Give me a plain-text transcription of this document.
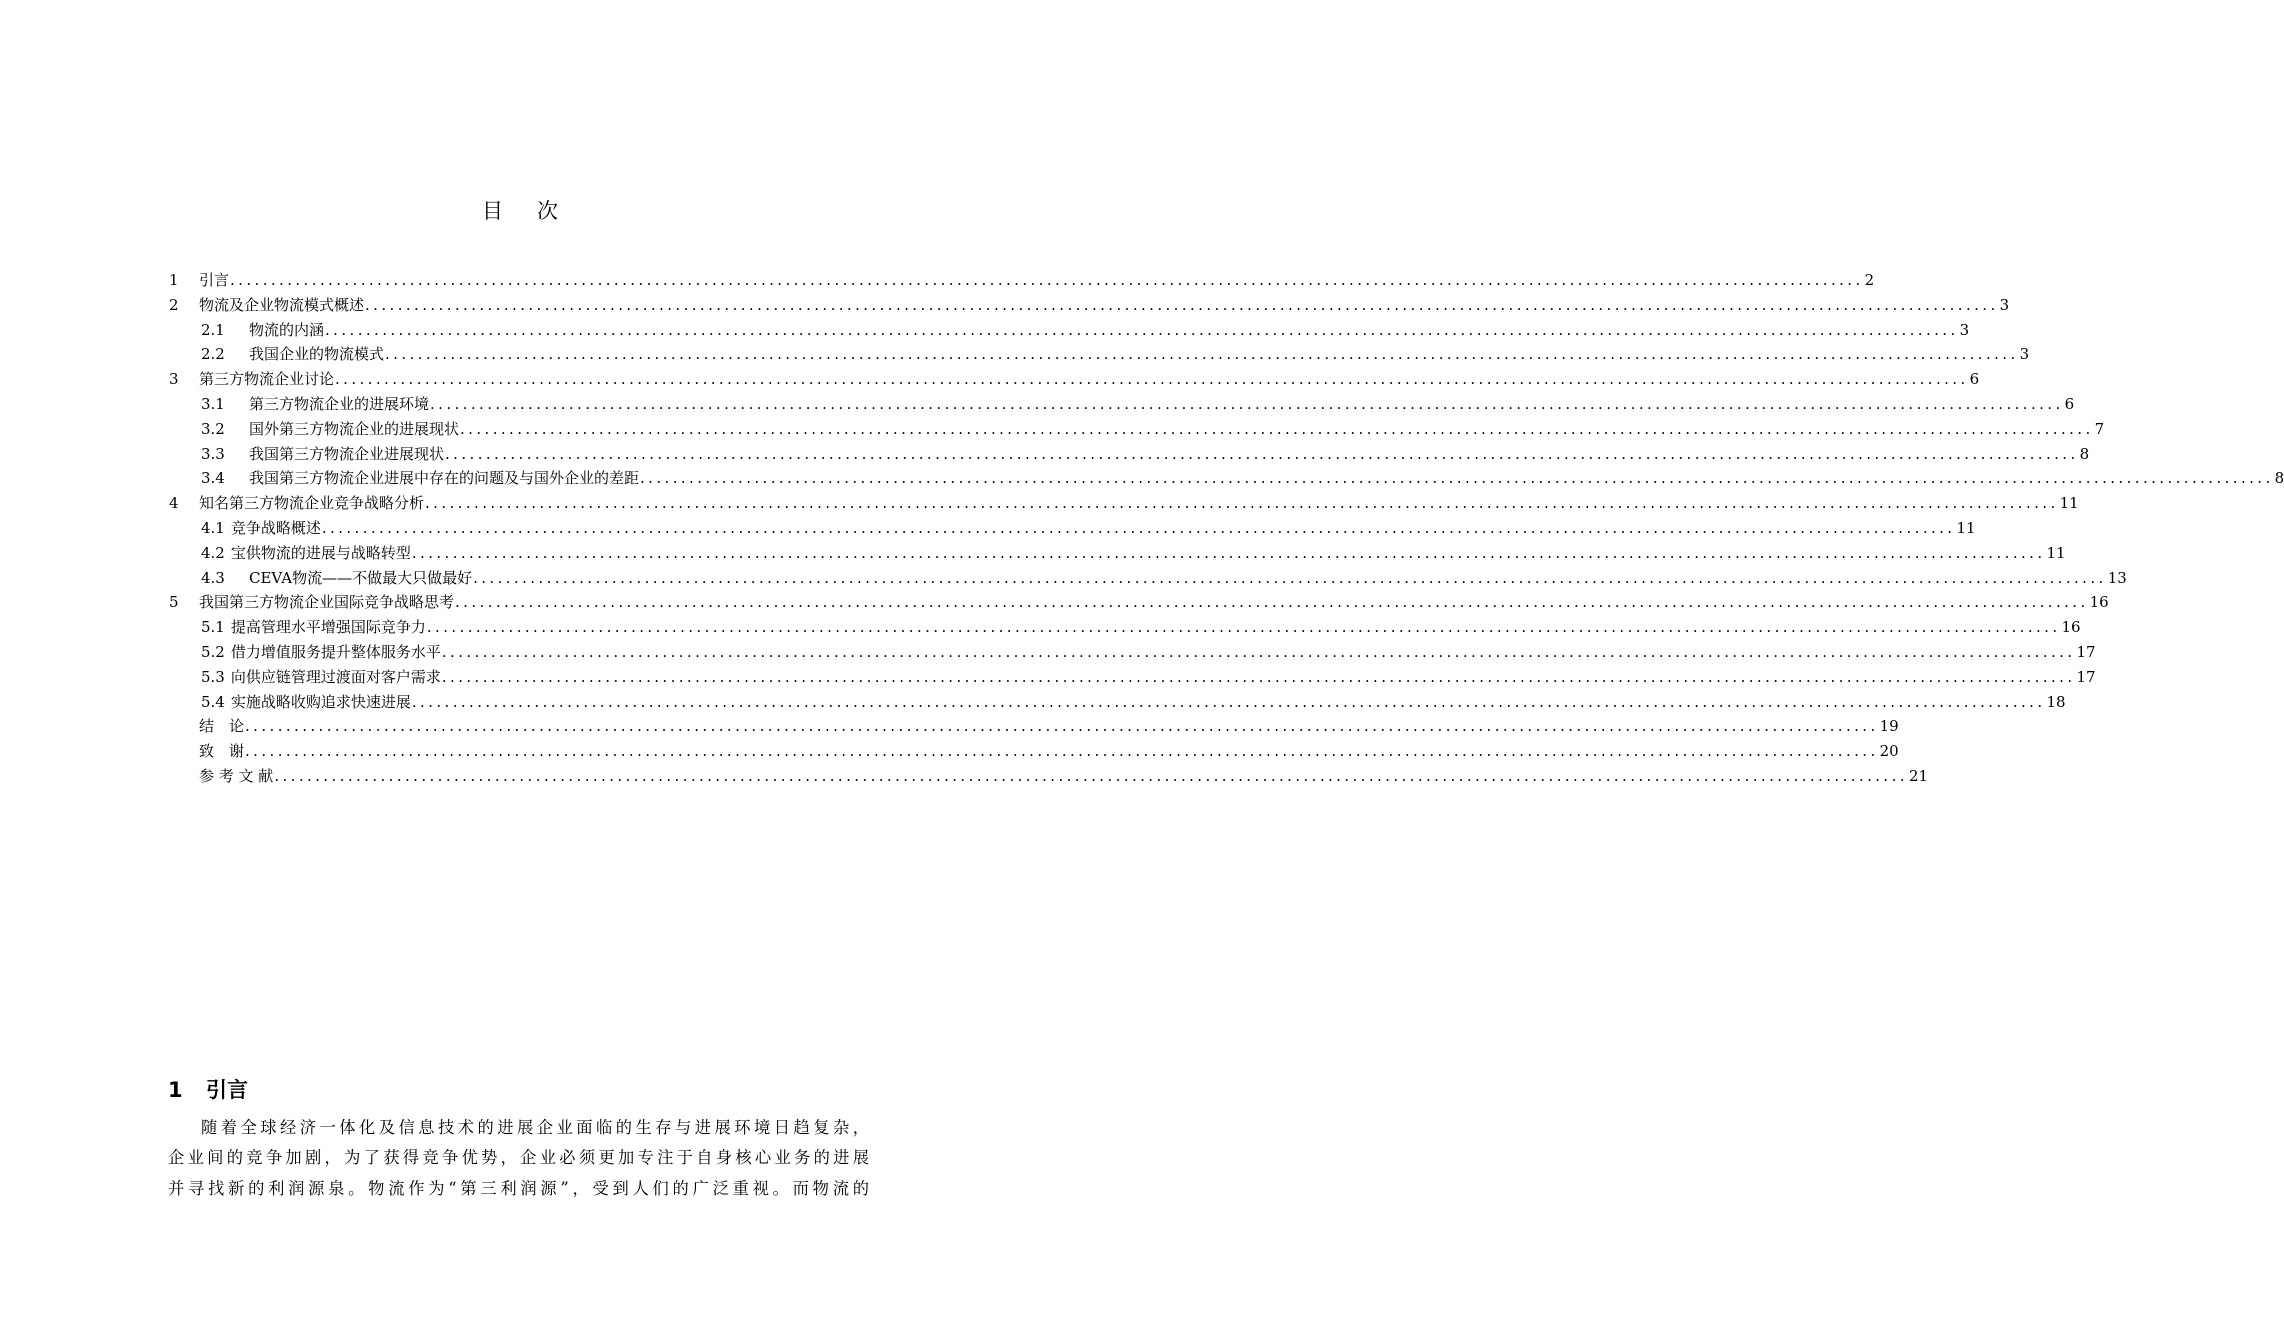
目 次
1	引言 ........................................................................................................................................................................................................ 2
2	物流及企业物流模式概述 ........................................................................................................................................................................................................ 3
2.1	物流的内涵 ........................................................................................................................................................................................................ 3
2.2	我国企业的物流模式 ........................................................................................................................................................................................................ 3
3	第三方物流企业讨论 ........................................................................................................................................................................................................ 6
3.1	第三方物流企业的进展环境 ........................................................................................................................................................................................................ 6
3.2	国外第三方物流企业的进展现状 ........................................................................................................................................................................................................ 7
3.3	我国第三方物流企业进展现状 ........................................................................................................................................................................................................ 8
3.4	我国第三方物流企业进展中存在的问题及与国外企业的差距 ........................................................................................................................................................................................................ 8
4	知名第三方物流企业竞争战略分析 ........................................................................................................................................................................................................ 11
4.1 竞争战略概述 ........................................................................................................................................................................................................ 11
4.2 宝供物流的进展与战略转型 ........................................................................................................................................................................................................ 11
4.3	CEVA物流——不做最大只做最好 ........................................................................................................................................................................................................ 13
5	我国第三方物流企业国际竞争战略思考 ........................................................................................................................................................................................................ 16
5.1 提高管理水平增强国际竞争力 ........................................................................................................................................................................................................ 16
5.2 借力增值服务提升整体服务水平 ........................................................................................................................................................................................................ 17
5.3 向供应链管理过渡面对客户需求 ........................................................................................................................................................................................................ 17
5.4 实施战略收购追求快速进展 ........................................................................................................................................................................................................ 18
结　论 ........................................................................................................................................................................................................ 19
致　谢 ........................................................................................................................................................................................................ 20
参 考 文 献 ........................................................................................................................................................................................................ 21
1 引言
随着全球经济一体化及信息技术的进展企业面临的生存与进展环境日趋复杂，
企业间的竞争加剧，为了获得竞争优势，企业必须更加专注于自身核心业务的进展
并寻找新的利润源泉。物流作为“第三利润源”，受到人们的广泛重视。而物流的
